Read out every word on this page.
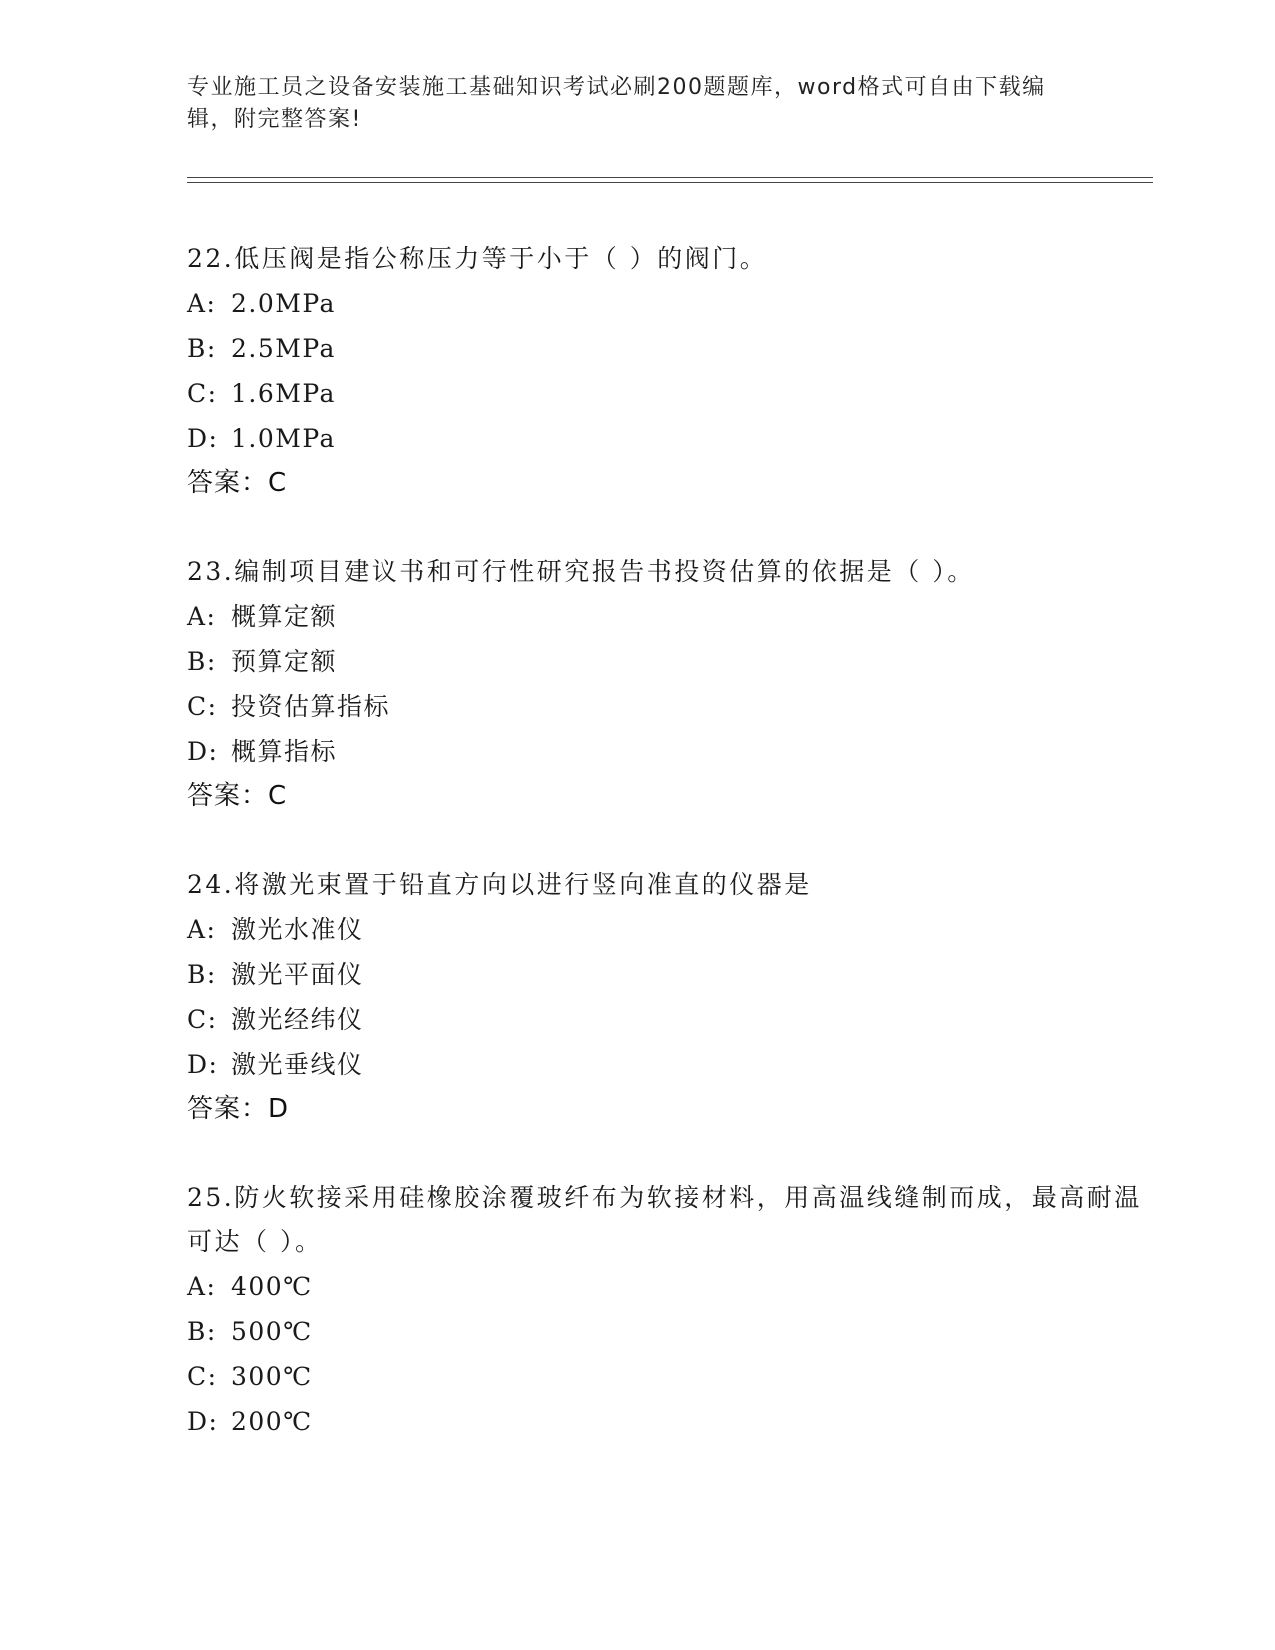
专业施工员之设备安装施工基础知识考试必刷200题题库，word格式可自由下载编辑，附完整答案!

22.低压阀是指公称压力等于小于（ ）的阀门。

A: 2.0MPa
B: 2.5MPa
C: 1.6MPa
D: 1.0MPa
答案：C

23.编制项目建议书和可行性研究报告书投资估算的依据是（ ）。

A: 概算定额
B: 预算定额
C: 投资估算指标
D: 概算指标
答案：C

24.将激光束置于铅直方向以进行竖向准直的仪器是

A: 激光水准仪
B: 激光平面仪
C: 激光经纬仪
D: 激光垂线仪
答案：D

25.防火软接采用硅橡胶涂覆玻纤布为软接材料，用高温线缝制而成，最高耐温可达（ ）。

A: 400℃
B: 500℃
C: 300℃
D: 200℃
